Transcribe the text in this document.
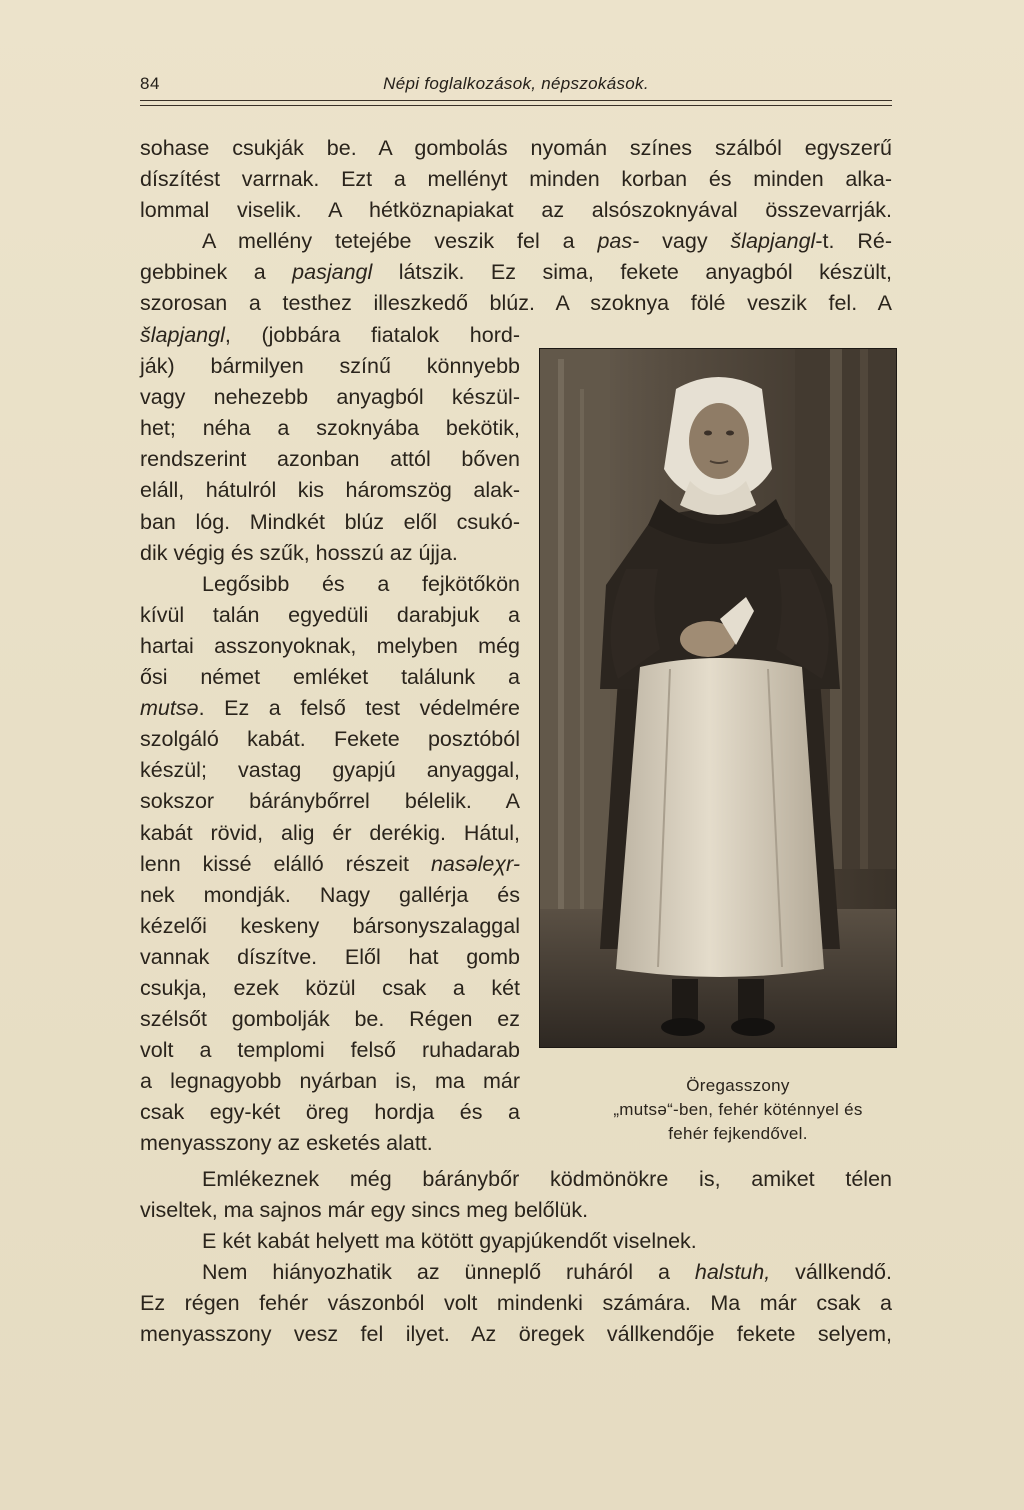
84	Népi foglalkozások, népszokások.
sohase csukják be. A gombolás nyomán színes szálból egyszerű
díszítést varrnak. Ezt a mellényt minden korban és minden alka-
lommal viselik. A hétköznapiakat az alsószoknyával összevarrják.
A mellény tetejébe veszik fel a pas- vagy šlapjangl-t. Ré-
gebbinek a pasjangl látszik. Ez sima, fekete anyagból készült,
szorosan a testhez illeszkedő blúz. A szoknya fölé veszik fel. A
šlapjangl, (jobbára fiatalok hord-
ják) bármilyen színű könnyebb
vagy nehezebb anyagból készül-
het; néha a szoknyába bekötik,
rendszerint azonban attól bőven
eláll, hátulról kis háromszög alak-
ban lóg. Mindkét blúz elől csukó-
dik végig és szűk, hosszú az újja.
Legősibb és a fejkötőkön
kívül talán egyedüli darabjuk a
hartai asszonyoknak, melyben még
ősi német emléket találunk a
mutsə. Ez a felső test védelmére
szolgáló kabát. Fekete posztóból
készül; vastag gyapjú anyaggal,
sokszor báránybőrrel bélelik. A
kabát rövid, alig ér derékig. Hátul,
lenn kissé elálló részeit nasəleχr-
nek mondják. Nagy gallérja és
kézelői keskeny bársonyszalaggal
vannak díszítve. Elől hat gomb
csukja, ezek közül csak a két
szélsőt gombolják be. Régen ez
volt a templomi felső ruhadarab
a legnagyobb nyárban is, ma már
csak egy-két öreg hordja és a
menyasszony az esketés alatt.
Öregasszony
„mutsə“-ben, fehér köténnyel és
fehér fejkendővel.
Emlékeznek még báránybőr ködmönökre is, amiket télen
viseltek, ma sajnos már egy sincs meg belőlük.
E két kabát helyett ma kötött gyapjúkendőt viselnek.
Nem hiányozhatik az ünneplő ruháról a halstuh, vállkendő.
Ez régen fehér vászonból volt mindenki számára. Ma már csak a
menyasszony vesz fel ilyet. Az öregek vállkendője fekete selyem,
